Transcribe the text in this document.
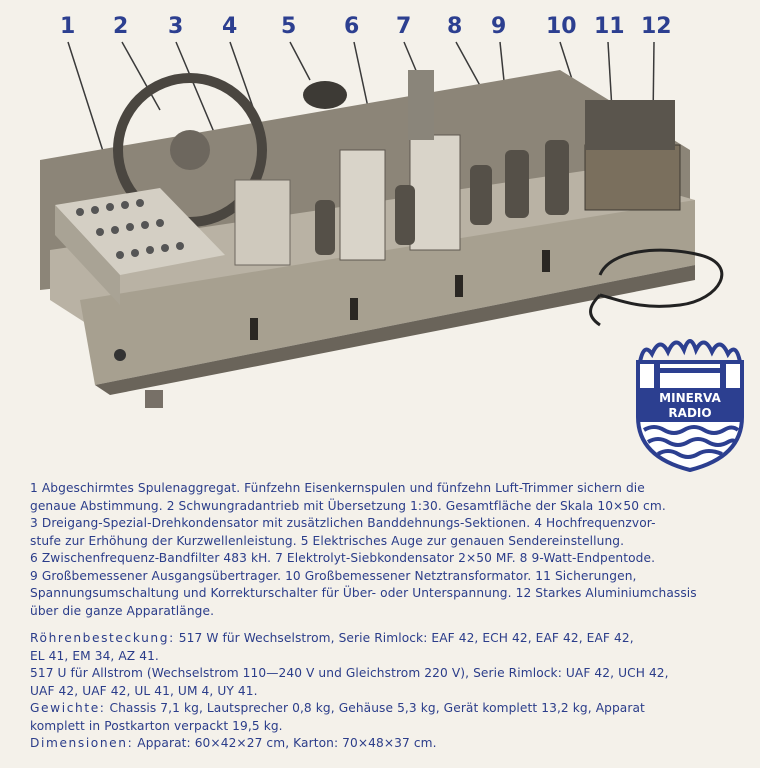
1 2 3 4 5 6 7 8 9 10 11 12
MINERVA
RADIO

1 Abgeschirmtes Spulenaggregat. Fünfzehn Eisenkernspulen und fünfzehn Luft-Trimmer sichern die

genaue Abstimmung. 2 Schwungradantrieb mit Übersetzung 1:30. Gesamtfläche der Skala 10×50 cm.

3 Dreigang-Spezial-Drehkondensator mit zusätzlichen Banddehnungs-Sektionen. 4 Hochfrequenzvor-

stufe zur Erhöhung der Kurzwellenleistung. 5 Elektrisches Auge zur genauen Sendereinstellung.

6 Zwischenfrequenz-Bandfilter 483 kH. 7 Elektrolyt-Siebkondensator 2×50 MF. 8 9-Watt-Endpentode.

9 Großbemessener Ausgangsübertrager. 10 Großbemessener Netztransformator. 11 Sicherungen,

Spannungsumschaltung und Korrekturschalter für Über- oder Unterspannung. 12 Starkes Aluminiumchassis

über die ganze Apparatlänge.

Röhrenbesteckung: 517 W für Wechselstrom, Serie Rimlock: EAF 42, ECH 42, EAF 42, EAF 42,

EL 41, EM 34, AZ 41.

517 U für Allstrom (Wechselstrom 110—240 V und Gleichstrom 220 V), Serie Rimlock: UAF 42, UCH 42,

UAF 42, UAF 42, UL 41, UM 4, UY 41.

Gewichte: Chassis 7,1 kg, Lautsprecher 0,8 kg, Gehäuse 5,3 kg, Gerät komplett 13,2 kg, Apparat

komplett in Postkarton verpackt 19,5 kg.

Dimensionen: Apparat: 60×42×27 cm, Karton: 70×48×37 cm.
